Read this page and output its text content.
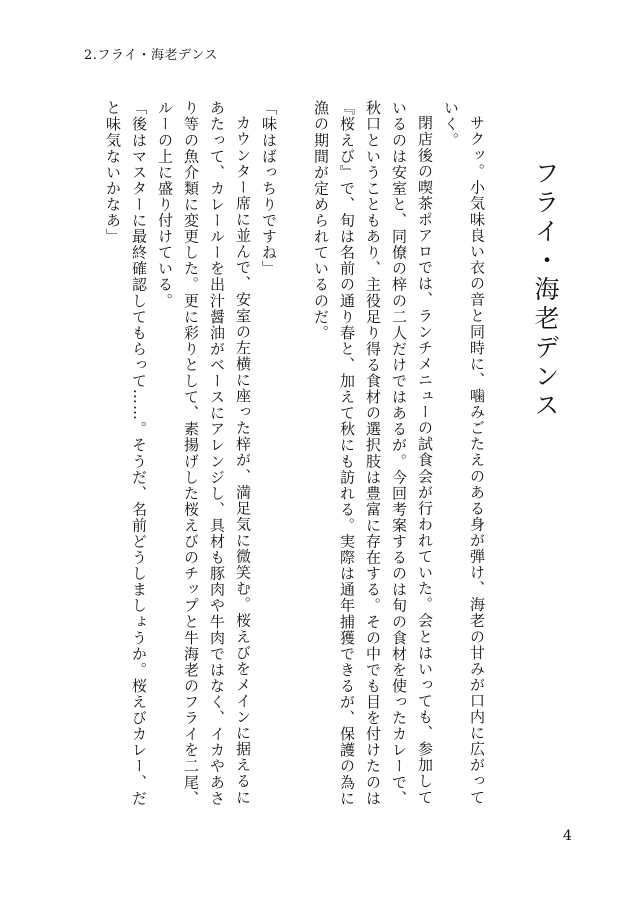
2.フライ・海老デンス
フライ・海老デンス

サクッ。小気味良い衣の音と同時に、噛みごたえのある身が弾け、海老の甘みが口内に広がっていく。

閉店後の喫茶ポアロでは、ランチメニューの試食会が行われていた。会とはいっても、参加しているのは安室と、同僚の梓の二人だけではあるが。今回考案するのは旬の食材を使ったカレーで、秋口ということもあり、主役足り得る食材の選択肢は豊富に存在する。その中でも目を付けたのは『桜えび』で、旬は名前の通り春と、加えて秋にも訪れる。実際は通年捕獲できるが、保護の為に漁の期間が定められているのだ。

「味はばっちりですね」

カウンター席に並んで、安室の左横に座った梓が、満足気に微笑む。桜えびをメインに据えるにあたって、カレールーを出汁醤油がベースにアレンジし、具材も豚肉や牛肉ではなく、イカやあさり等の魚介類に変更した。更に彩りとして、素揚げした桜えびのチップと牛海老のフライを二尾、ルーの上に盛り付けている。

「後はマスターに最終確認してもらって……。そうだ、名前どうしましょうか。桜えびカレー、だと味気ないかなあ」

4
